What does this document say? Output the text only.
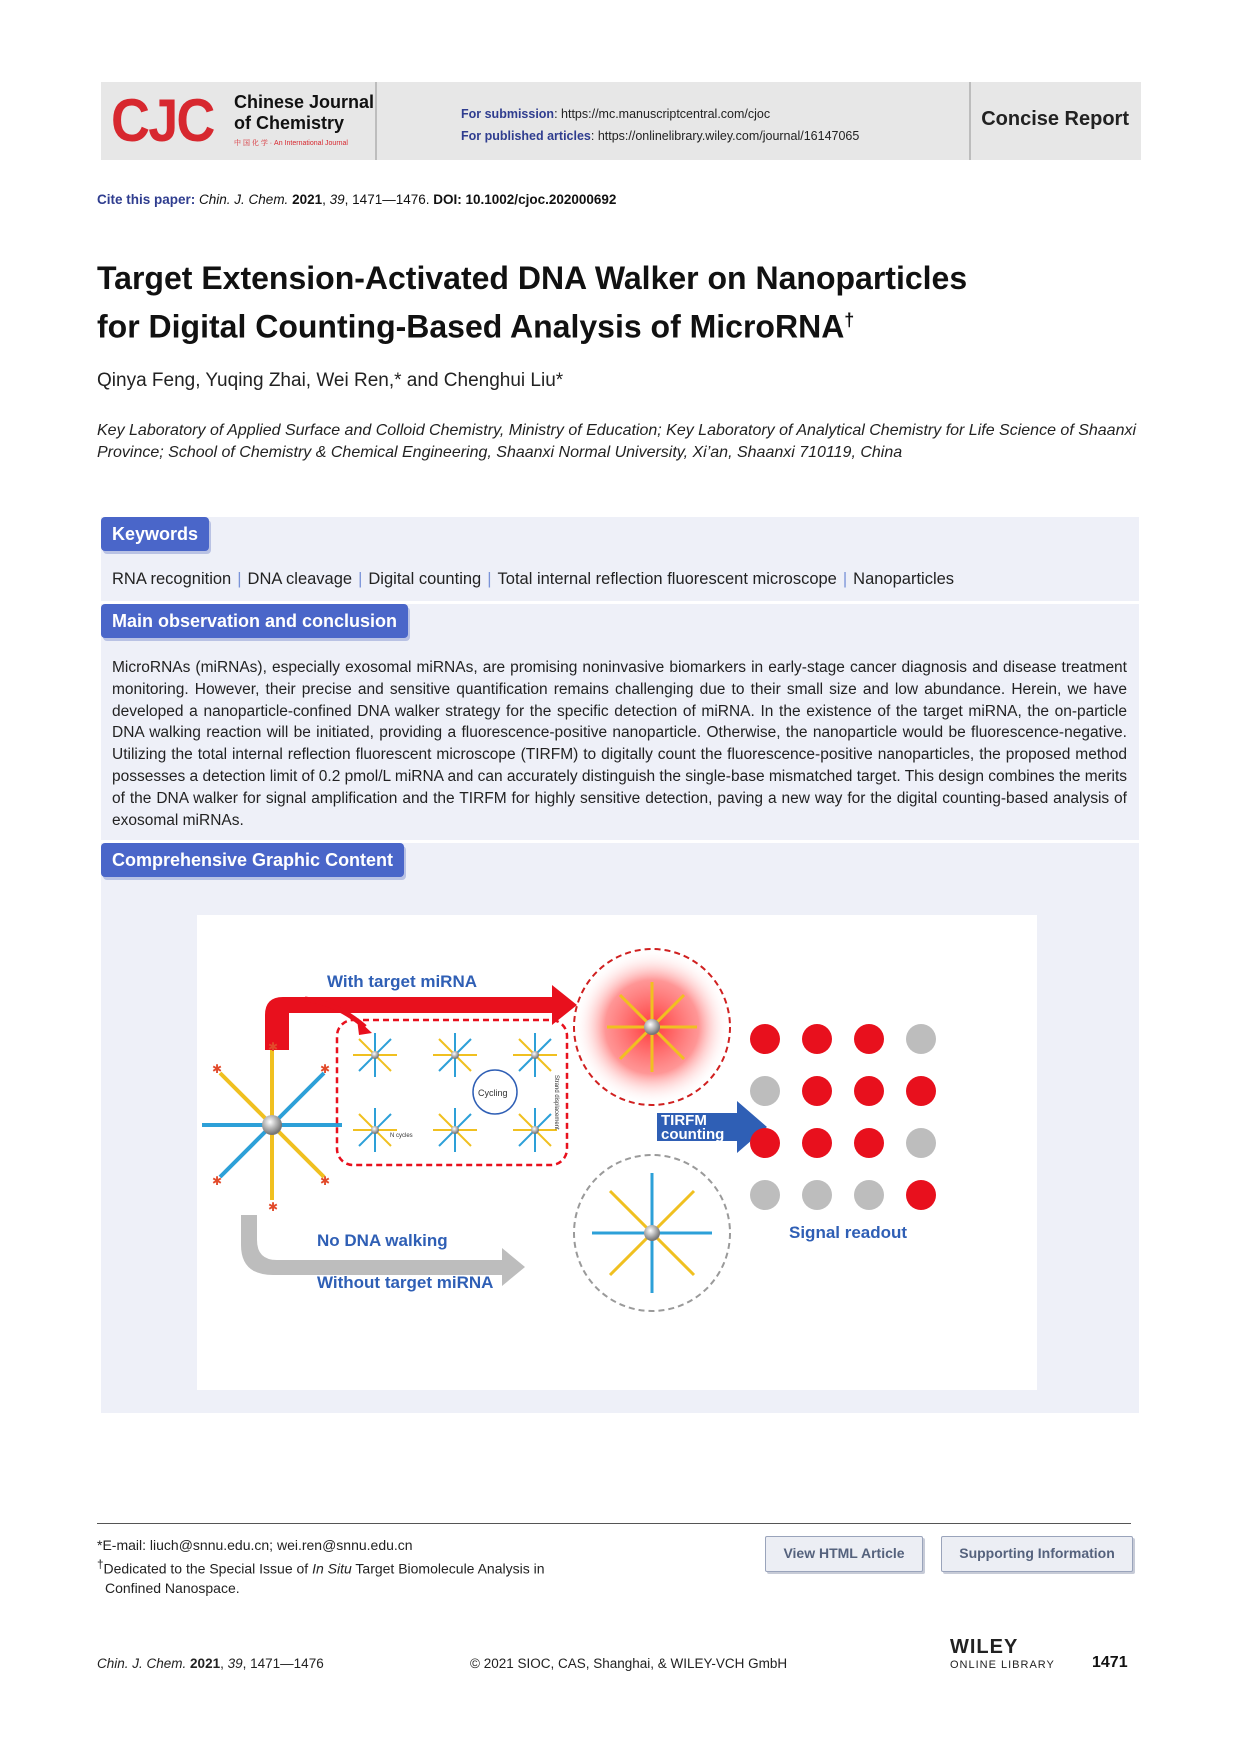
CJC Chinese Journal
of Chemistry
中 国 化 学 · An International Journal
For submission: https://mc.manuscriptcentral.com/cjoc
For published articles: https://onlinelibrary.wiley.com/journal/16147065
Concise Report
Cite this paper: Chin. J. Chem. 2021, 39, 1471—1476. DOI: 10.1002/cjoc.202000692
Target Extension-Activated DNA Walker on Nanoparticles
for Digital Counting-Based Analysis of MicroRNA†
Qinya Feng, Yuqing Zhai, Wei Ren,* and Chenghui Liu*
Key Laboratory of Applied Surface and Colloid Chemistry, Ministry of Education; Key Laboratory of Analytical Chemistry for Life Science of Shaanxi Province; School of Chemistry & Chemical Engineering, Shaanxi Normal University, Xi’an, Shaanxi 710119, China
Keywords
RNA recognition | DNA cleavage | Digital counting | Total internal reflection fluorescent microscope | Nanoparticles
Main observation and conclusion

MicroRNAs (miRNAs), especially exosomal miRNAs, are promising noninvasive biomarkers in early-stage cancer diagnosis and disease treatment monitoring. However, their precise and sensitive quantification remains challenging due to their small size and low abundance. Herein, we have developed a nanoparticle-confined DNA walker strategy for the specific detection of miRNA. In the existence of the target miRNA, the on-particle DNA walking reaction will be initiated, providing a fluorescence-positive nanoparticle. Otherwise, the nanoparticle would be fluorescence-negative. Utilizing the total internal reflection fluorescent microscope (TIRFM) to digitally count the fluorescence-positive nanoparticles, the proposed method possesses a detection limit of 0.2 pmol/L miRNA and can accurately distinguish the single-base mismatched target. This design combines the merits of the DNA walker for signal amplification and the TIRFM for highly sensitive detection, paving a new way for the digital counting-based analysis of exosomal miRNAs.

Comprehensive Graphic Content
With target miRNA
✱
✱
✱
✱
✱
✱
Cycling	Strand displacement
N cycles
TIRFM
counting
Signal readout
No DNA walking
Without target miRNA
*E-mail: liuch@snnu.edu.cn; wei.ren@snnu.edu.cn
†Dedicated to the Special Issue of In Situ Target Biomolecule Analysis in
Confined Nanospace.
View HTML Article	Supporting Information
Chin. J. Chem. 2021, 39, 1471—1476	© 2021 SIOC, CAS, Shanghai, & WILEY-VCH GmbH
WILEY
ONLINE LIBRARY 1471
